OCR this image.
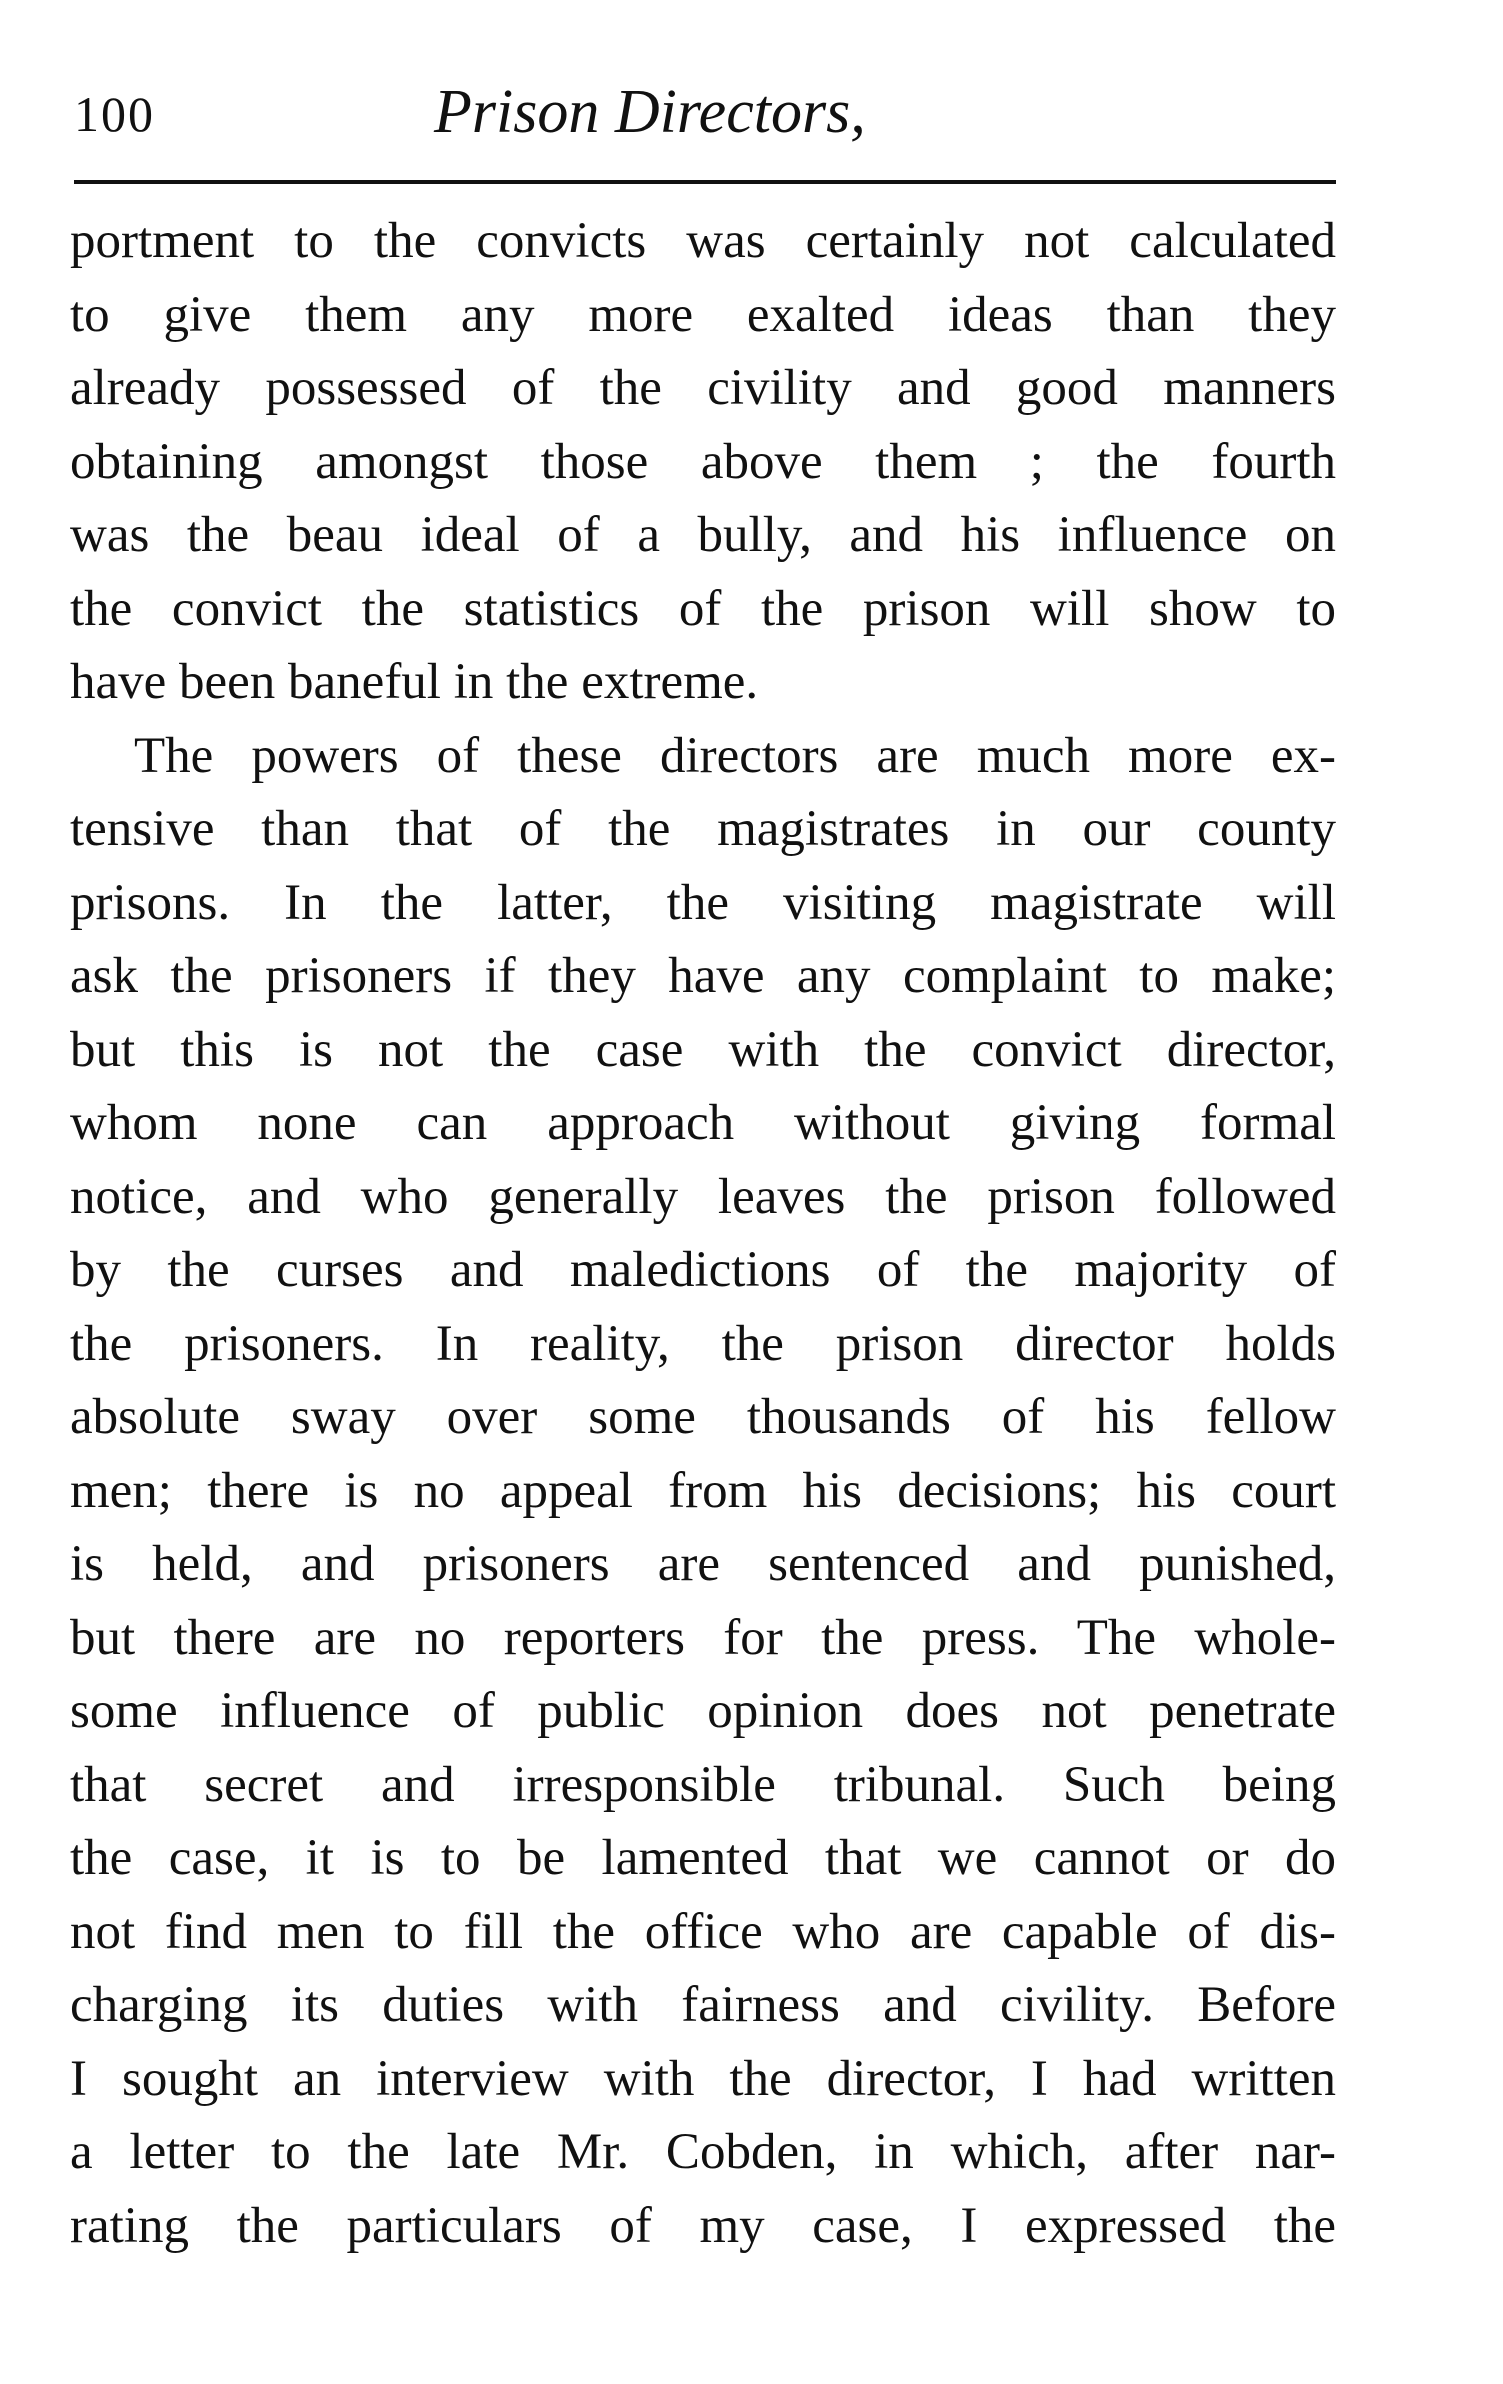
100	Prison Directors,
portment to the convicts was certainly not calculated
to give them any more exalted ideas than they
already possessed of the civility and good manners
obtaining amongst those above them ; the fourth
was the beau ideal of a bully, and his influence on
the convict the statistics of the prison will show to
have been baneful in the extreme.
The powers of these directors are much more ex-
tensive than that of the magistrates in our county
prisons. In the latter, the visiting magistrate will
ask the prisoners if they have any complaint to make;
but this is not the case with the convict director,
whom none can approach without giving formal
notice, and who generally leaves the prison followed
by the curses and maledictions of the majority of
the prisoners. In reality, the prison director holds
absolute sway over some thousands of his fellow
men; there is no appeal from his decisions; his court
is held, and prisoners are sentenced and punished,
but there are no reporters for the press. The whole-
some influence of public opinion does not penetrate
that secret and irresponsible tribunal. Such being
the case, it is to be lamented that we cannot or do
not find men to fill the office who are capable of dis-
charging its duties with fairness and civility. Before
I sought an interview with the director, I had written
a letter to the late Mr. Cobden, in which, after nar-
rating the particulars of my case, I expressed the
